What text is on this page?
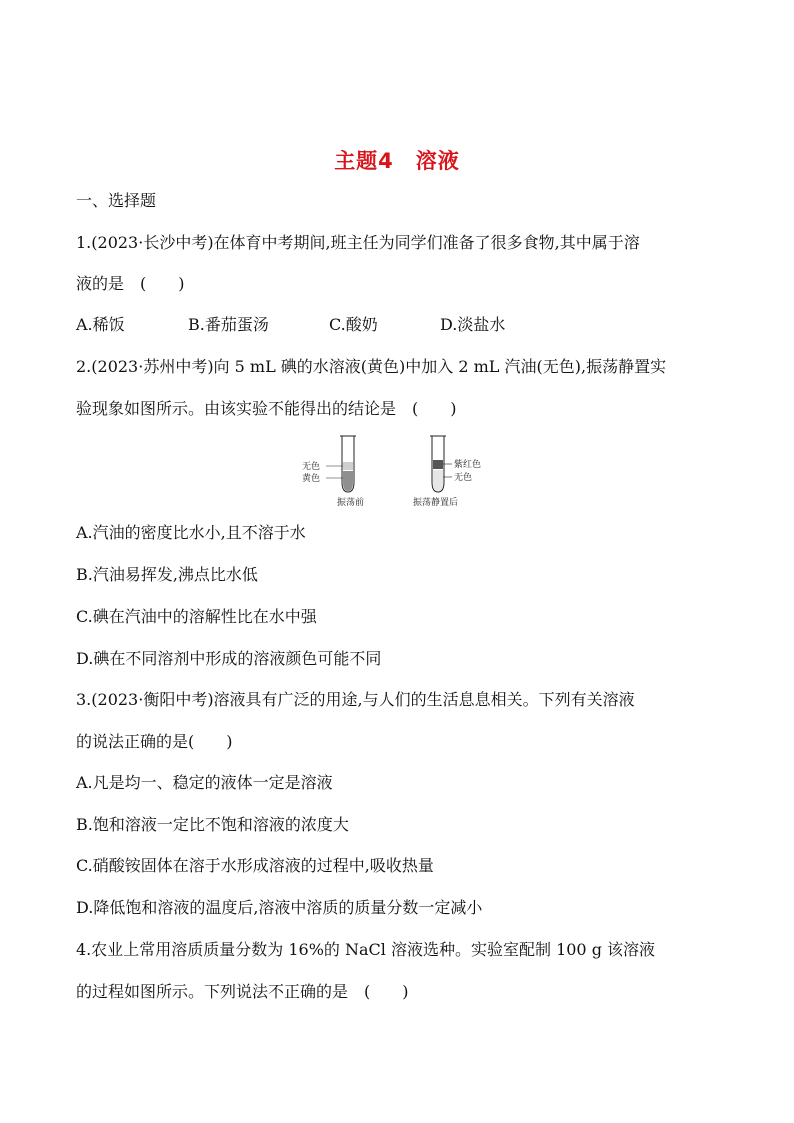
主题4　溶液
一、选择题
1.(2023·长沙中考)在体育中考期间,班主任为同学们准备了很多食物,其中属于溶
液的是　(　　)
A.稀饭	B.番茄蛋汤	C.酸奶	D.淡盐水
2.(2023·苏州中考)向 5 mL 碘的水溶液(黄色)中加入 2 mL 汽油(无色),振荡静置实
验现象如图所示。由该实验不能得出的结论是　(　　)
无色
黄色
振荡前
紫红色
无色
振荡静置后
A.汽油的密度比水小,且不溶于水
B.汽油易挥发,沸点比水低
C.碘在汽油中的溶解性比在水中强
D.碘在不同溶剂中形成的溶液颜色可能不同
3.(2023·衡阳中考)溶液具有广泛的用途,与人们的生活息息相关。下列有关溶液
的说法正确的是(　　)
A.凡是均一、稳定的液体一定是溶液
B.饱和溶液一定比不饱和溶液的浓度大
C.硝酸铵固体在溶于水形成溶液的过程中,吸收热量
D.降低饱和溶液的温度后,溶液中溶质的质量分数一定减小
4.农业上常用溶质质量分数为 16%的 NaCl 溶液选种。实验室配制 100 g 该溶液
的过程如图所示。下列说法不正确的是　(　　)
